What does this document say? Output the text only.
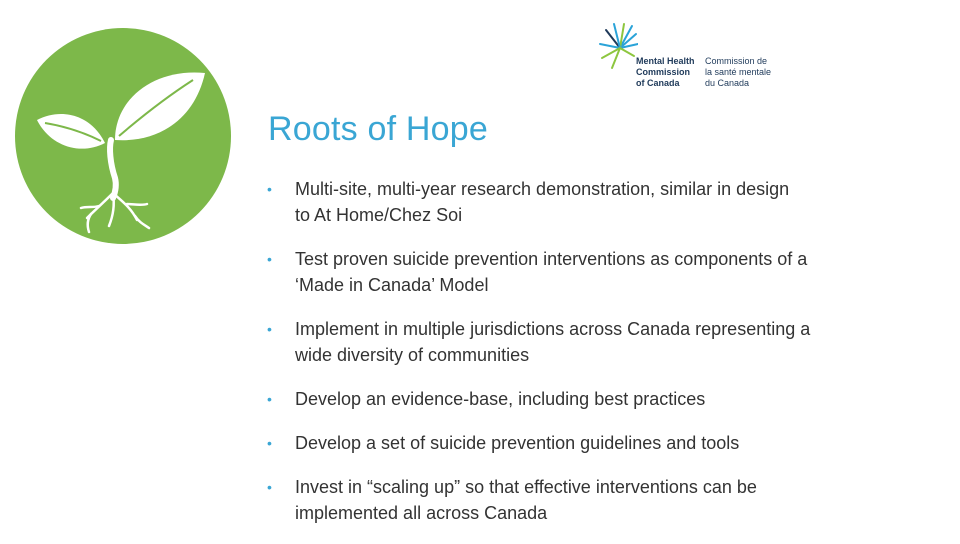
Mental Health
Commission
of Canada
Commission de
la santé mentale
du Canada
Roots of Hope
• Multi-site, multi-year research demonstration, similar in design
to At Home/Chez Soi
• Test proven suicide prevention interventions as components of a
‘Made in Canada’ Model
• Implement in multiple jurisdictions across Canada representing a
wide diversity of communities
• Develop an evidence-base, including best practices
• Develop a set of suicide prevention guidelines and tools
• Invest in “scaling up” so that effective interventions can be
implemented all across Canada
